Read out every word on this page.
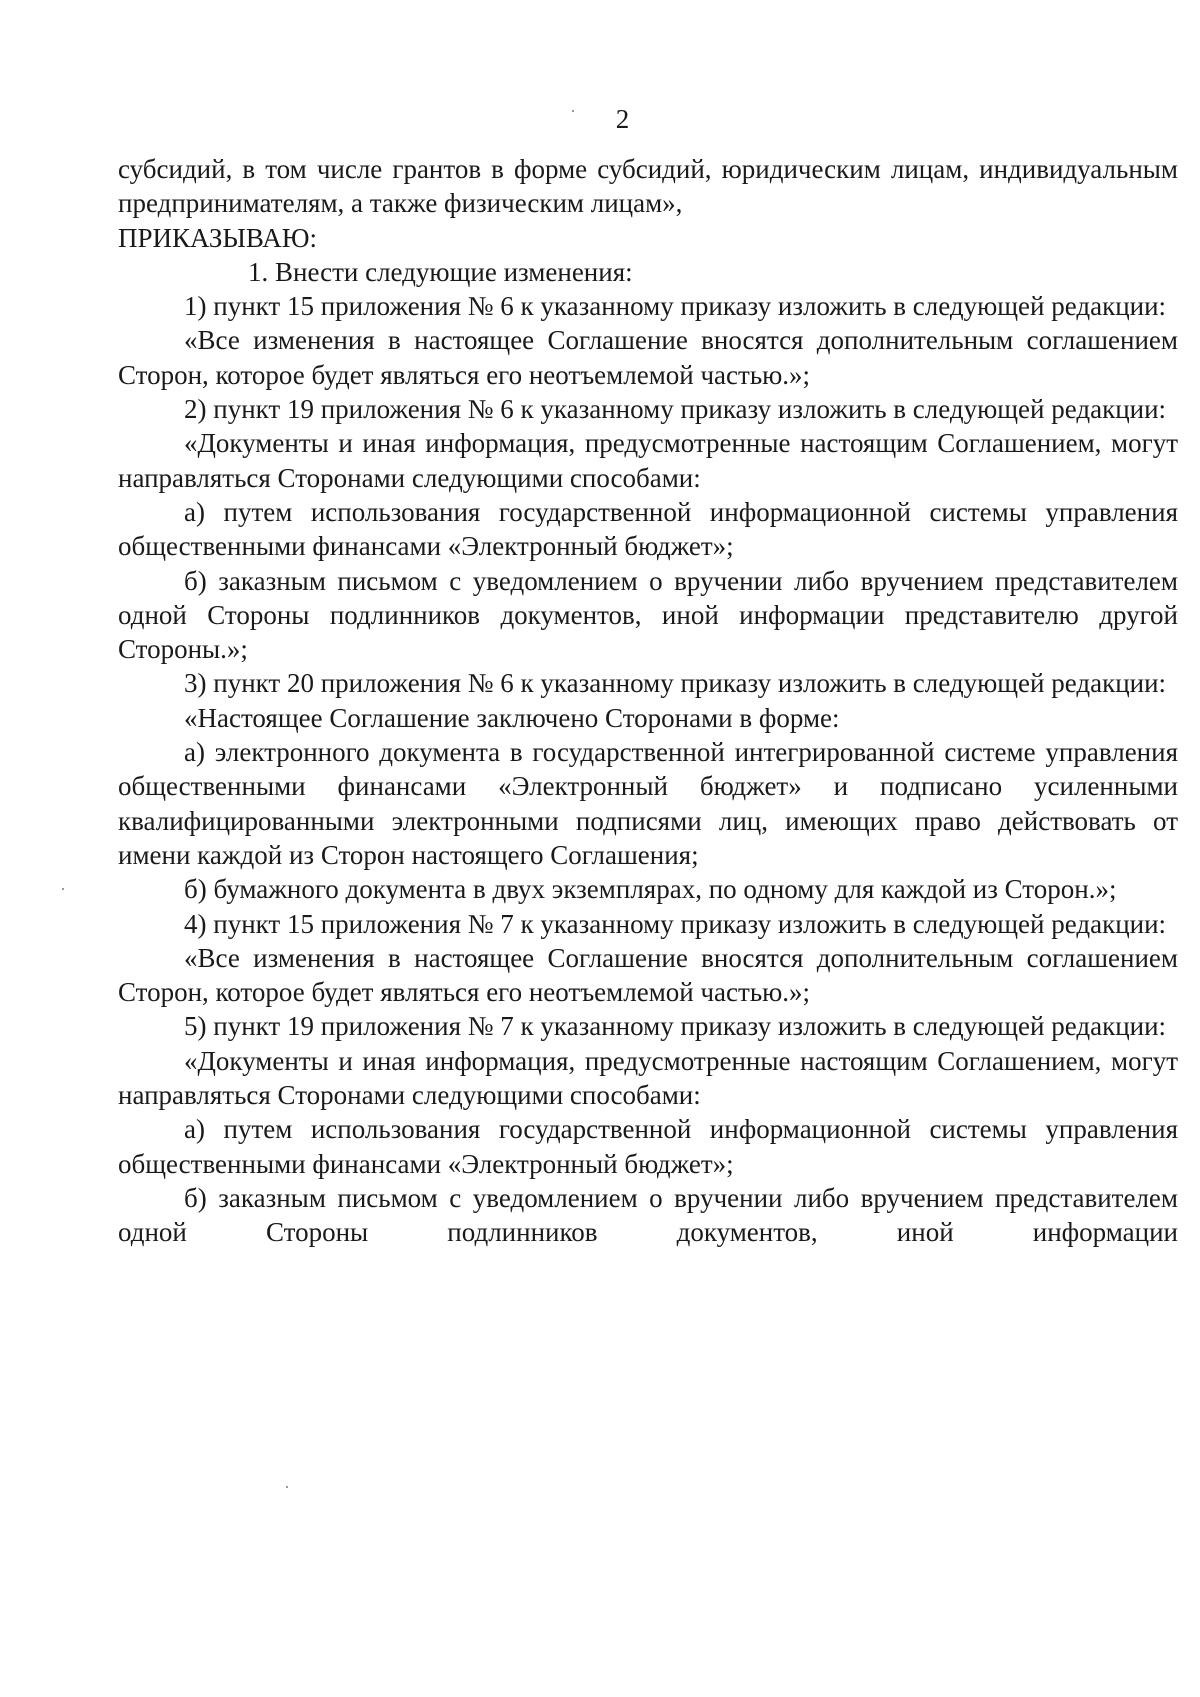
2

субсидий, в том числе грантов в форме субсидий, юридическим лицам, индивидуальным предпринимателям, а также физическим лицам»,

ПРИКАЗЫВАЮ:

1. Внести следующие изменения:

1) пункт 15 приложения № 6 к указанному приказу изложить в следующей редакции:

«Все изменения в настоящее Соглашение вносятся дополнительным соглашением Сторон, которое будет являться его неотъемлемой частью.»;

2) пункт 19 приложения № 6 к указанному приказу изложить в следующей редакции:

«Документы и иная информация, предусмотренные настоящим Соглашением, могут направляться Сторонами следующими способами:

а) путем использования государственной информационной системы управления общественными финансами «Электронный бюджет»;

б) заказным письмом с уведомлением о вручении либо вручением представителем одной Стороны подлинников документов, иной информации представителю другой Стороны.»;

3) пункт 20 приложения № 6 к указанному приказу изложить в следующей редакции:

«Настоящее Соглашение заключено Сторонами в форме:

а) электронного документа в государственной интегрированной системе управления общественными финансами «Электронный бюджет» и подписано усиленными квалифицированными электронными подписями лиц, имеющих право действовать от имени каждой из Сторон настоящего Соглашения;

б) бумажного документа в двух экземплярах, по одному для каждой из Сторон.»;

4) пункт 15 приложения № 7 к указанному приказу изложить в следующей редакции:

«Все изменения в настоящее Соглашение вносятся дополнительным соглашением Сторон, которое будет являться его неотъемлемой частью.»;

5) пункт 19 приложения № 7 к указанному приказу изложить в следующей редакции:

«Документы и иная информация, предусмотренные настоящим Соглашением, могут направляться Сторонами следующими способами:

а) путем использования государственной информационной системы управления общественными финансами «Электронный бюджет»;

б) заказным письмом с уведомлением о вручении либо вручением представителем одной Стороны подлинников документов, иной информации
